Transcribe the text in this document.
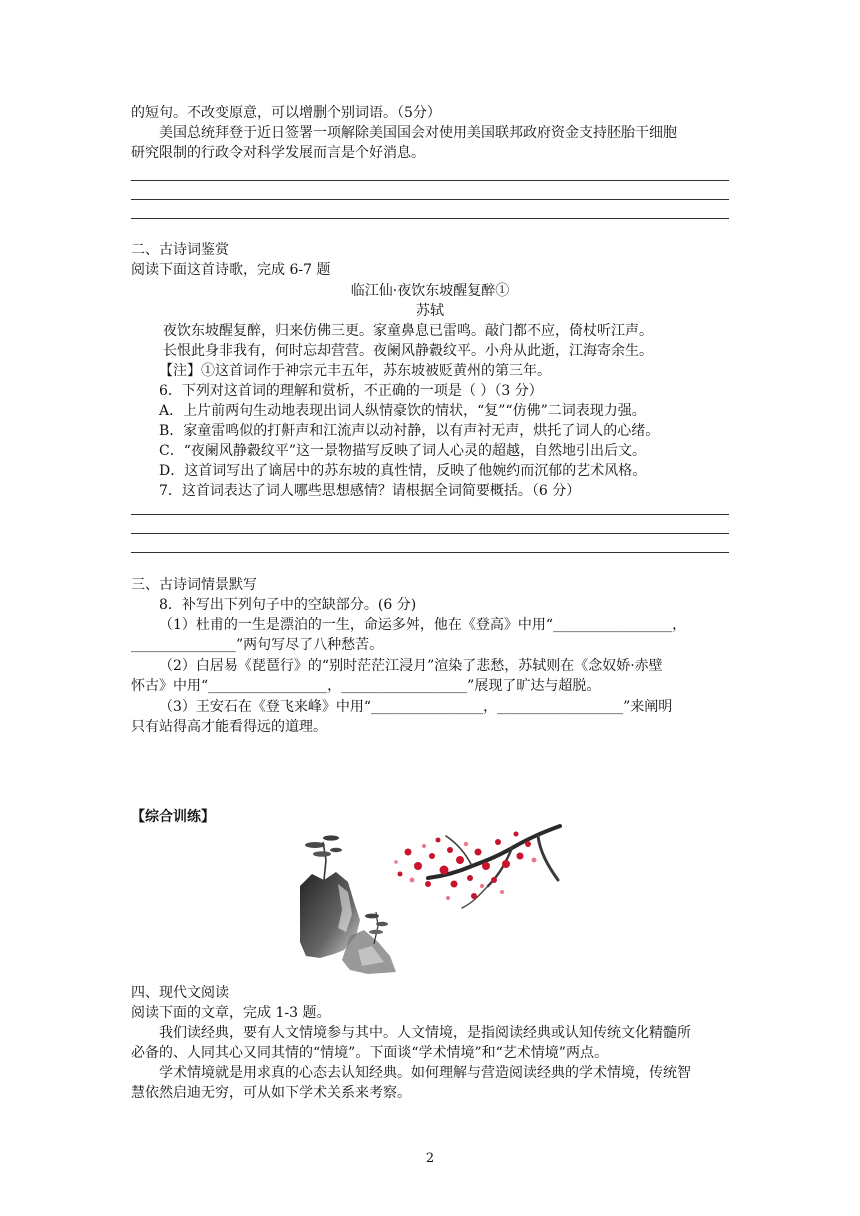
的短句。不改变原意，可以增删个别词语。（5分）
美国总统拜登于近日签署一项解除美国国会对使用美国联邦政府资金支持胚胎干细胞
研究限制的行政令对科学发展而言是个好消息。
二、古诗词鉴赏
阅读下面这首诗歌，完成 6-7 题
临江仙·夜饮东坡醒复醉①
苏轼
夜饮东坡醒复醉，归来仿佛三更。家童鼻息已雷鸣。敲门都不应，倚杖听江声。
长恨此身非我有，何时忘却营营。夜阑风静縠纹平。小舟从此逝，江海寄余生。
【注】①这首词作于神宗元丰五年，苏东坡被贬黄州的第三年。
6．下列对这首词的理解和赏析，不正确的一项是（ ）（3 分）
A．上片前两句生动地表现出词人纵情豪饮的情状，“复”“仿佛”二词表现力强。
B．家童雷鸣似的打鼾声和江流声以动衬静，以有声衬无声，烘托了词人的心绪。
C．“夜阑风静縠纹平”这一景物描写反映了词人心灵的超越，自然地引出后文。
D．这首词写出了谪居中的苏东坡的真性情，反映了他婉约而沉郁的艺术风格。
7．这首词表达了词人哪些思想感情？请根据全词简要概括。（6 分）
三、古诗词情景默写
8．补写出下列句子中的空缺部分。(6 分)
（1）杜甫的一生是漂泊的一生，命运多舛，他在《登高》中用“_________________，
_______________”两句写尽了八种愁苦。
（2）白居易《琵琶行》的“别时茫茫江浸月”渲染了悲愁，苏轼则在《念奴娇·赤壁
怀古》中用“_________________，__________________”展现了旷达与超脱。
（3）王安石在《登飞来峰》中用“________________，__________________”来阐明
只有站得高才能看得远的道理。
【综合训练】
四、现代文阅读
阅读下面的文章，完成 1-3 题。
我们读经典，要有人文情境参与其中。人文情境，是指阅读经典或认知传统文化精髓所
必备的、人同其心又同其情的“情境”。下面谈“学术情境”和“艺术情境”两点。
学术情境就是用求真的心态去认知经典。如何理解与营造阅读经典的学术情境，传统智
慧依然启迪无穷，可从如下学术关系来考察。
2
